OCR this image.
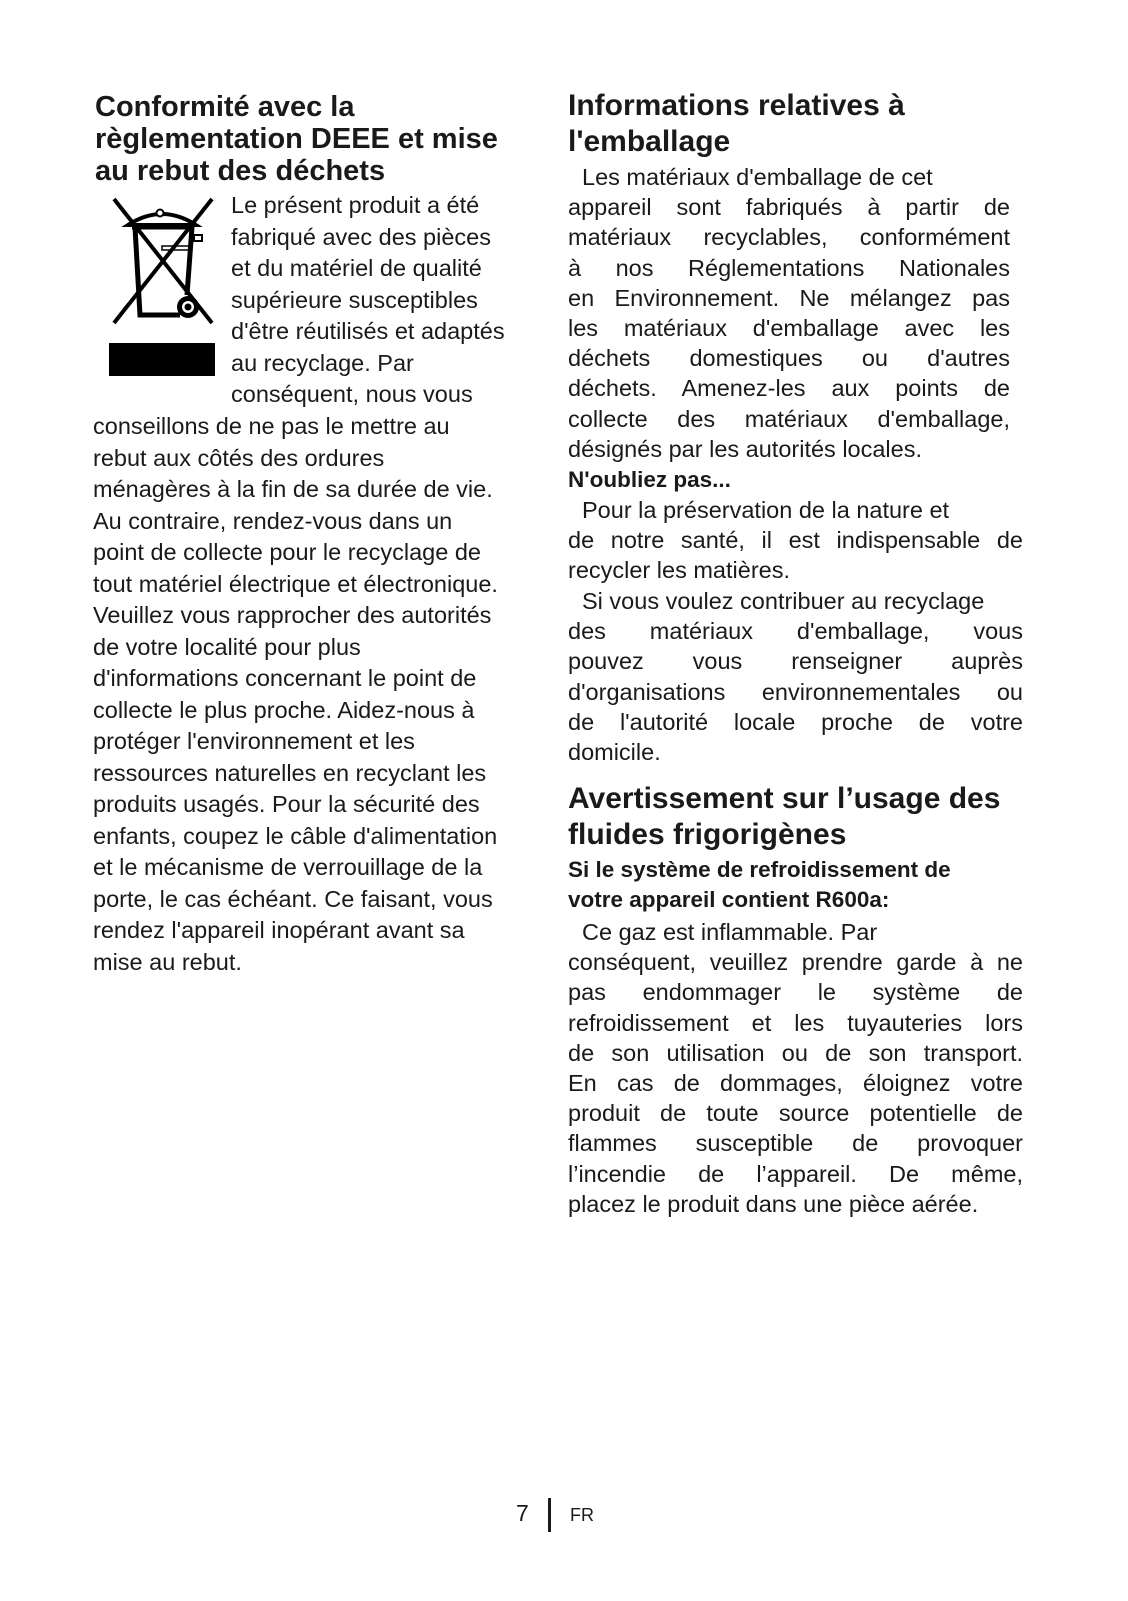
Conformité avec la
règlementation DEEE et mise
au rebut des déchets
Le présent produit a été
fabriqué avec des pièces
et du matériel de qualité
supérieure susceptibles
d'être réutilisés et adaptés
au recyclage. Par
conséquent, nous vous
conseillons de ne pas le mettre au
rebut aux côtés des ordures
ménagères à la fin de sa durée de vie.
Au contraire, rendez-vous dans un
point de collecte pour le recyclage de
tout matériel électrique et électronique.
Veuillez vous rapprocher des autorités
de votre localité pour plus
d'informations concernant le point de
collecte le plus proche. Aidez-nous à
protéger l'environnement et les
ressources naturelles en recyclant les
produits usagés. Pour la sécurité des
enfants, coupez le câble d'alimentation
et le mécanisme de verrouillage de la
porte, le cas échéant. Ce faisant, vous
rendez l'appareil inopérant avant sa
mise au rebut.
Informations relatives à
l'emballage
Les matériaux d'emballage de cet
appareil sont fabriqués à partir de
matériaux recyclables, conformément
à nos Réglementations Nationales
en Environnement. Ne mélangez pas
les matériaux d'emballage avec les
déchets domestiques ou d'autres
déchets. Amenez-les aux points de
collecte des matériaux d'emballage,
désignés par les autorités locales.
N'oubliez pas...
Pour la préservation de la nature et
de notre santé, il est indispensable de
recycler les matières.
Si vous voulez contribuer au recyclage
des matériaux d'emballage, vous
pouvez vous renseigner auprès
d'organisations environnementales ou
de l'autorité locale proche de votre
domicile.
Avertissement sur l’usage des
fluides frigorigènes
Si le système de refroidissement de
votre appareil contient R600a:
Ce gaz est inflammable. Par
conséquent, veuillez prendre garde à ne
pas endommager le système de
refroidissement et les tuyauteries lors
de son utilisation ou de son transport.
En cas de dommages, éloignez votre
produit de toute source potentielle de
flammes susceptible de provoquer
l’incendie de l’appareil. De même,
placez le produit dans une pièce aérée.
7 FR
